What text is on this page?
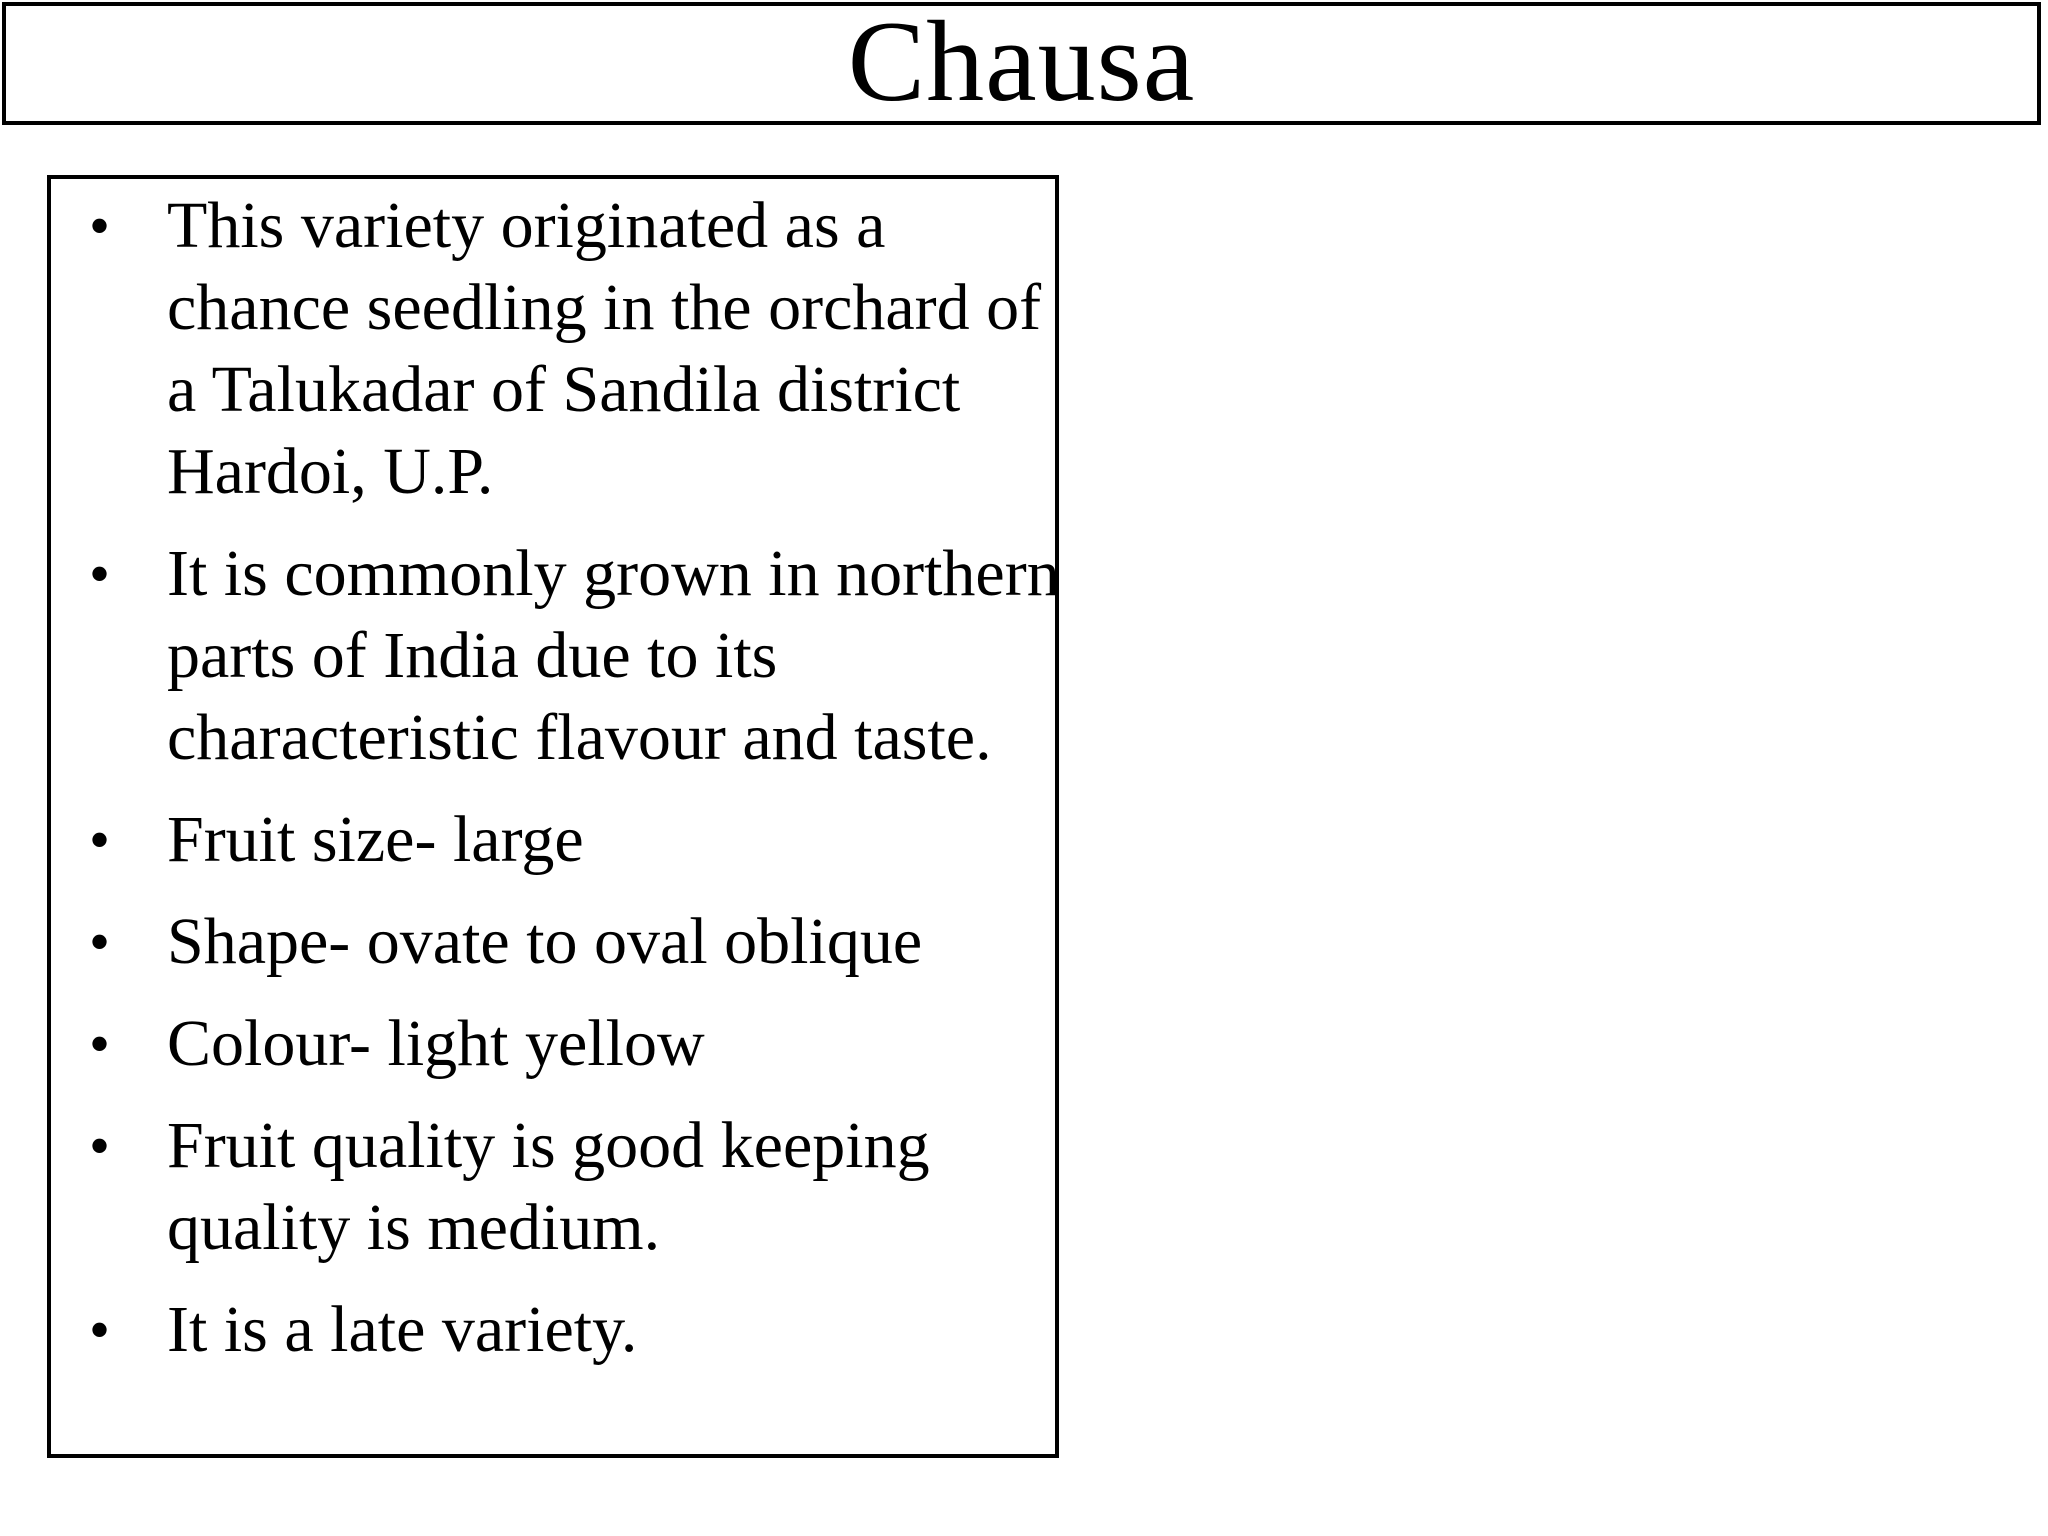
Chausa
• This variety originated as a chance seedling in the orchard of a Talukadar of Sandila district Hardoi, U.P.
• It is commonly grown in northern parts of India due to its characteristic flavour and taste.
• Fruit size- large
• Shape- ovate to oval oblique
• Colour- light yellow
• Fruit quality is good keeping quality is medium.
• It is a late variety.
